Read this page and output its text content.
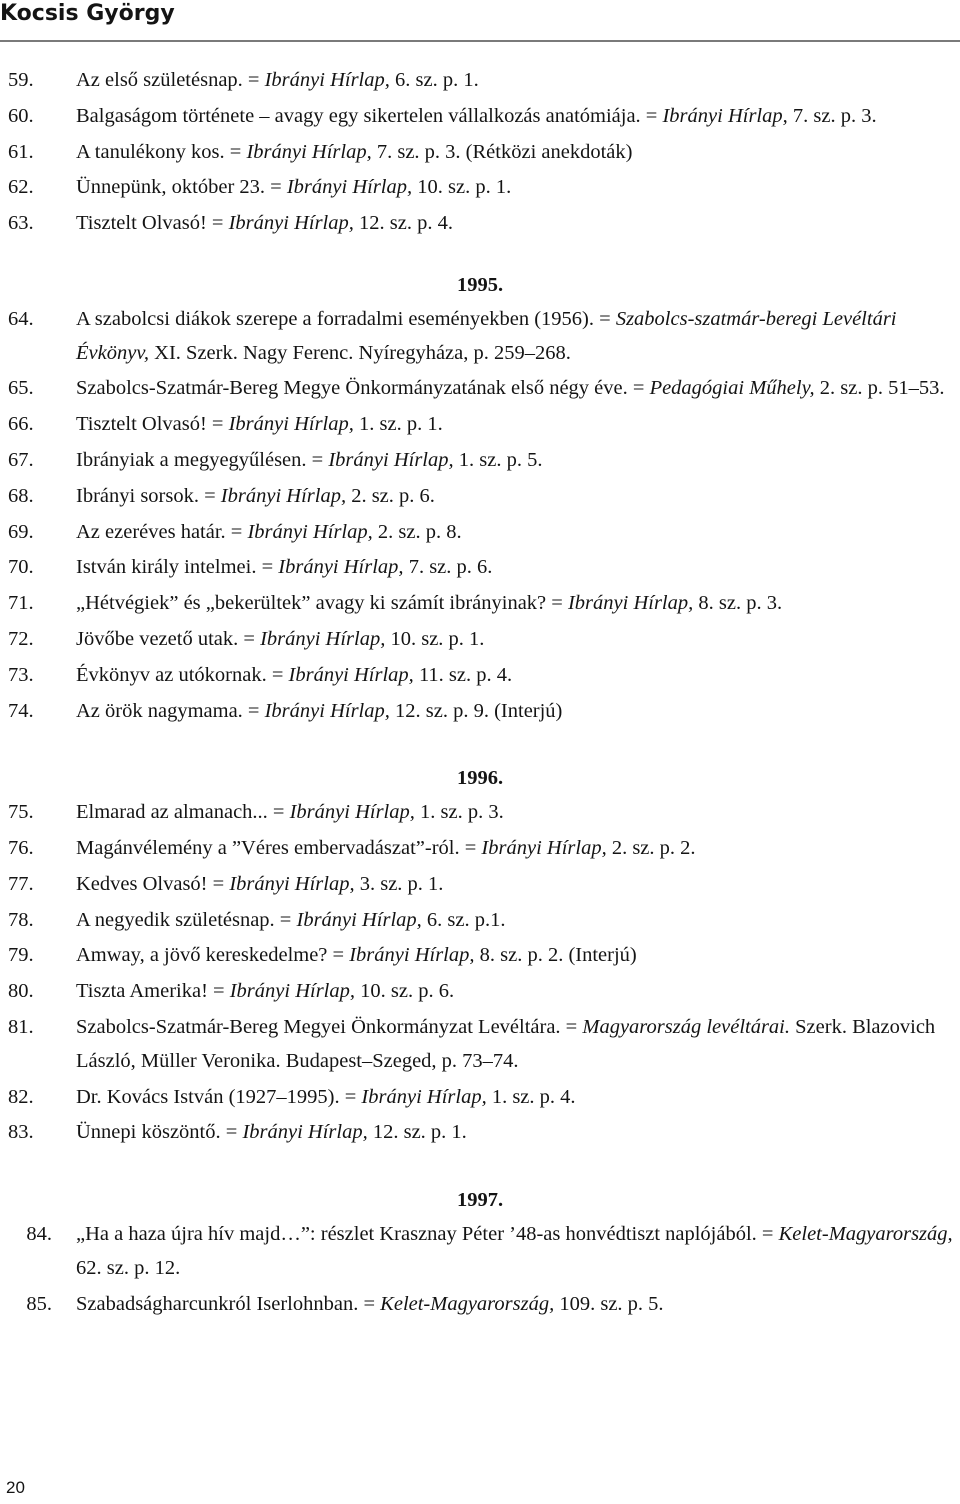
Kocsis György
59.	Az első születésnap. = Ibrányi Hírlap, 6. sz. p. 1.
60.	Balgaságom története – avagy egy sikertelen vállalkozás anatómiája. = Ibrányi Hírlap, 7. sz. p. 3.
61.	A tanulékony kos. = Ibrányi Hírlap, 7. sz. p. 3. (Rétközi anekdoták)
62.	Ünnepünk, október 23. = Ibrányi Hírlap, 10. sz. p. 1.
63.	Tisztelt Olvasó! = Ibrányi Hírlap, 12. sz. p. 4.
1995.
64.	A szabolcsi diákok szerepe a forradalmi eseményekben (1956). = Szabolcs-szatmár-beregi Levéltári Évkönyv, XI. Szerk. Nagy Ferenc. Nyíregyháza, p. 259–268.
65.	Szabolcs-Szatmár-Bereg Megye Önkormányzatának első négy éve. = Pedagógiai Műhely, 2. sz. p. 51–53.
66.	Tisztelt Olvasó! = Ibrányi Hírlap, 1. sz. p. 1.
67.	Ibrányiak a megyegyűlésen. = Ibrányi Hírlap, 1. sz. p. 5.
68.	Ibrányi sorsok. = Ibrányi Hírlap, 2. sz. p. 6.
69.	Az ezeréves határ. = Ibrányi Hírlap, 2. sz. p. 8.
70.	István király intelmei. = Ibrányi Hírlap, 7. sz. p. 6.
71.	„Hétvégiek” és „bekerültek” avagy ki számít ibrányinak? = Ibrányi Hírlap, 8. sz. p. 3.
72.	Jövőbe vezető utak. = Ibrányi Hírlap, 10. sz. p. 1.
73.	Évkönyv az utókornak. = Ibrányi Hírlap, 11. sz. p. 4.
74.	Az örök nagymama. = Ibrányi Hírlap, 12. sz. p. 9. (Interjú)
1996.
75.	Elmarad az almanach... = Ibrányi Hírlap, 1. sz. p. 3.
76.	Magánvélemény a ”Véres embervadászat”-ról. = Ibrányi Hírlap, 2. sz. p. 2.
77.	Kedves Olvasó! = Ibrányi Hírlap, 3. sz. p. 1.
78.	A negyedik születésnap. = Ibrányi Hírlap, 6. sz. p.1.
79.	Amway, a jövő kereskedelme? = Ibrányi Hírlap, 8. sz. p. 2. (Interjú)
80.	Tiszta Amerika! = Ibrányi Hírlap, 10. sz. p. 6.
81.	Szabolcs-Szatmár-Bereg Megyei Önkormányzat Levéltára. = Magyarország levéltárai. Szerk. Blazovich László, Müller Veronika. Budapest–Szeged, p. 73–74.
82.	Dr. Kovács István (1927–1995). = Ibrányi Hírlap, 1. sz. p. 4.
83.	Ünnepi köszöntő. = Ibrányi Hírlap, 12. sz. p. 1.
1997.
84. „Ha a haza újra hív majd…”: részlet Krasznay Péter ’48-as honvédtiszt naplójából. = Kelet-Magyarország, 62. sz. p. 12.
85. Szabadságharcunkról Iserlohnban. = Kelet-Magyarország, 109. sz. p. 5.
20
